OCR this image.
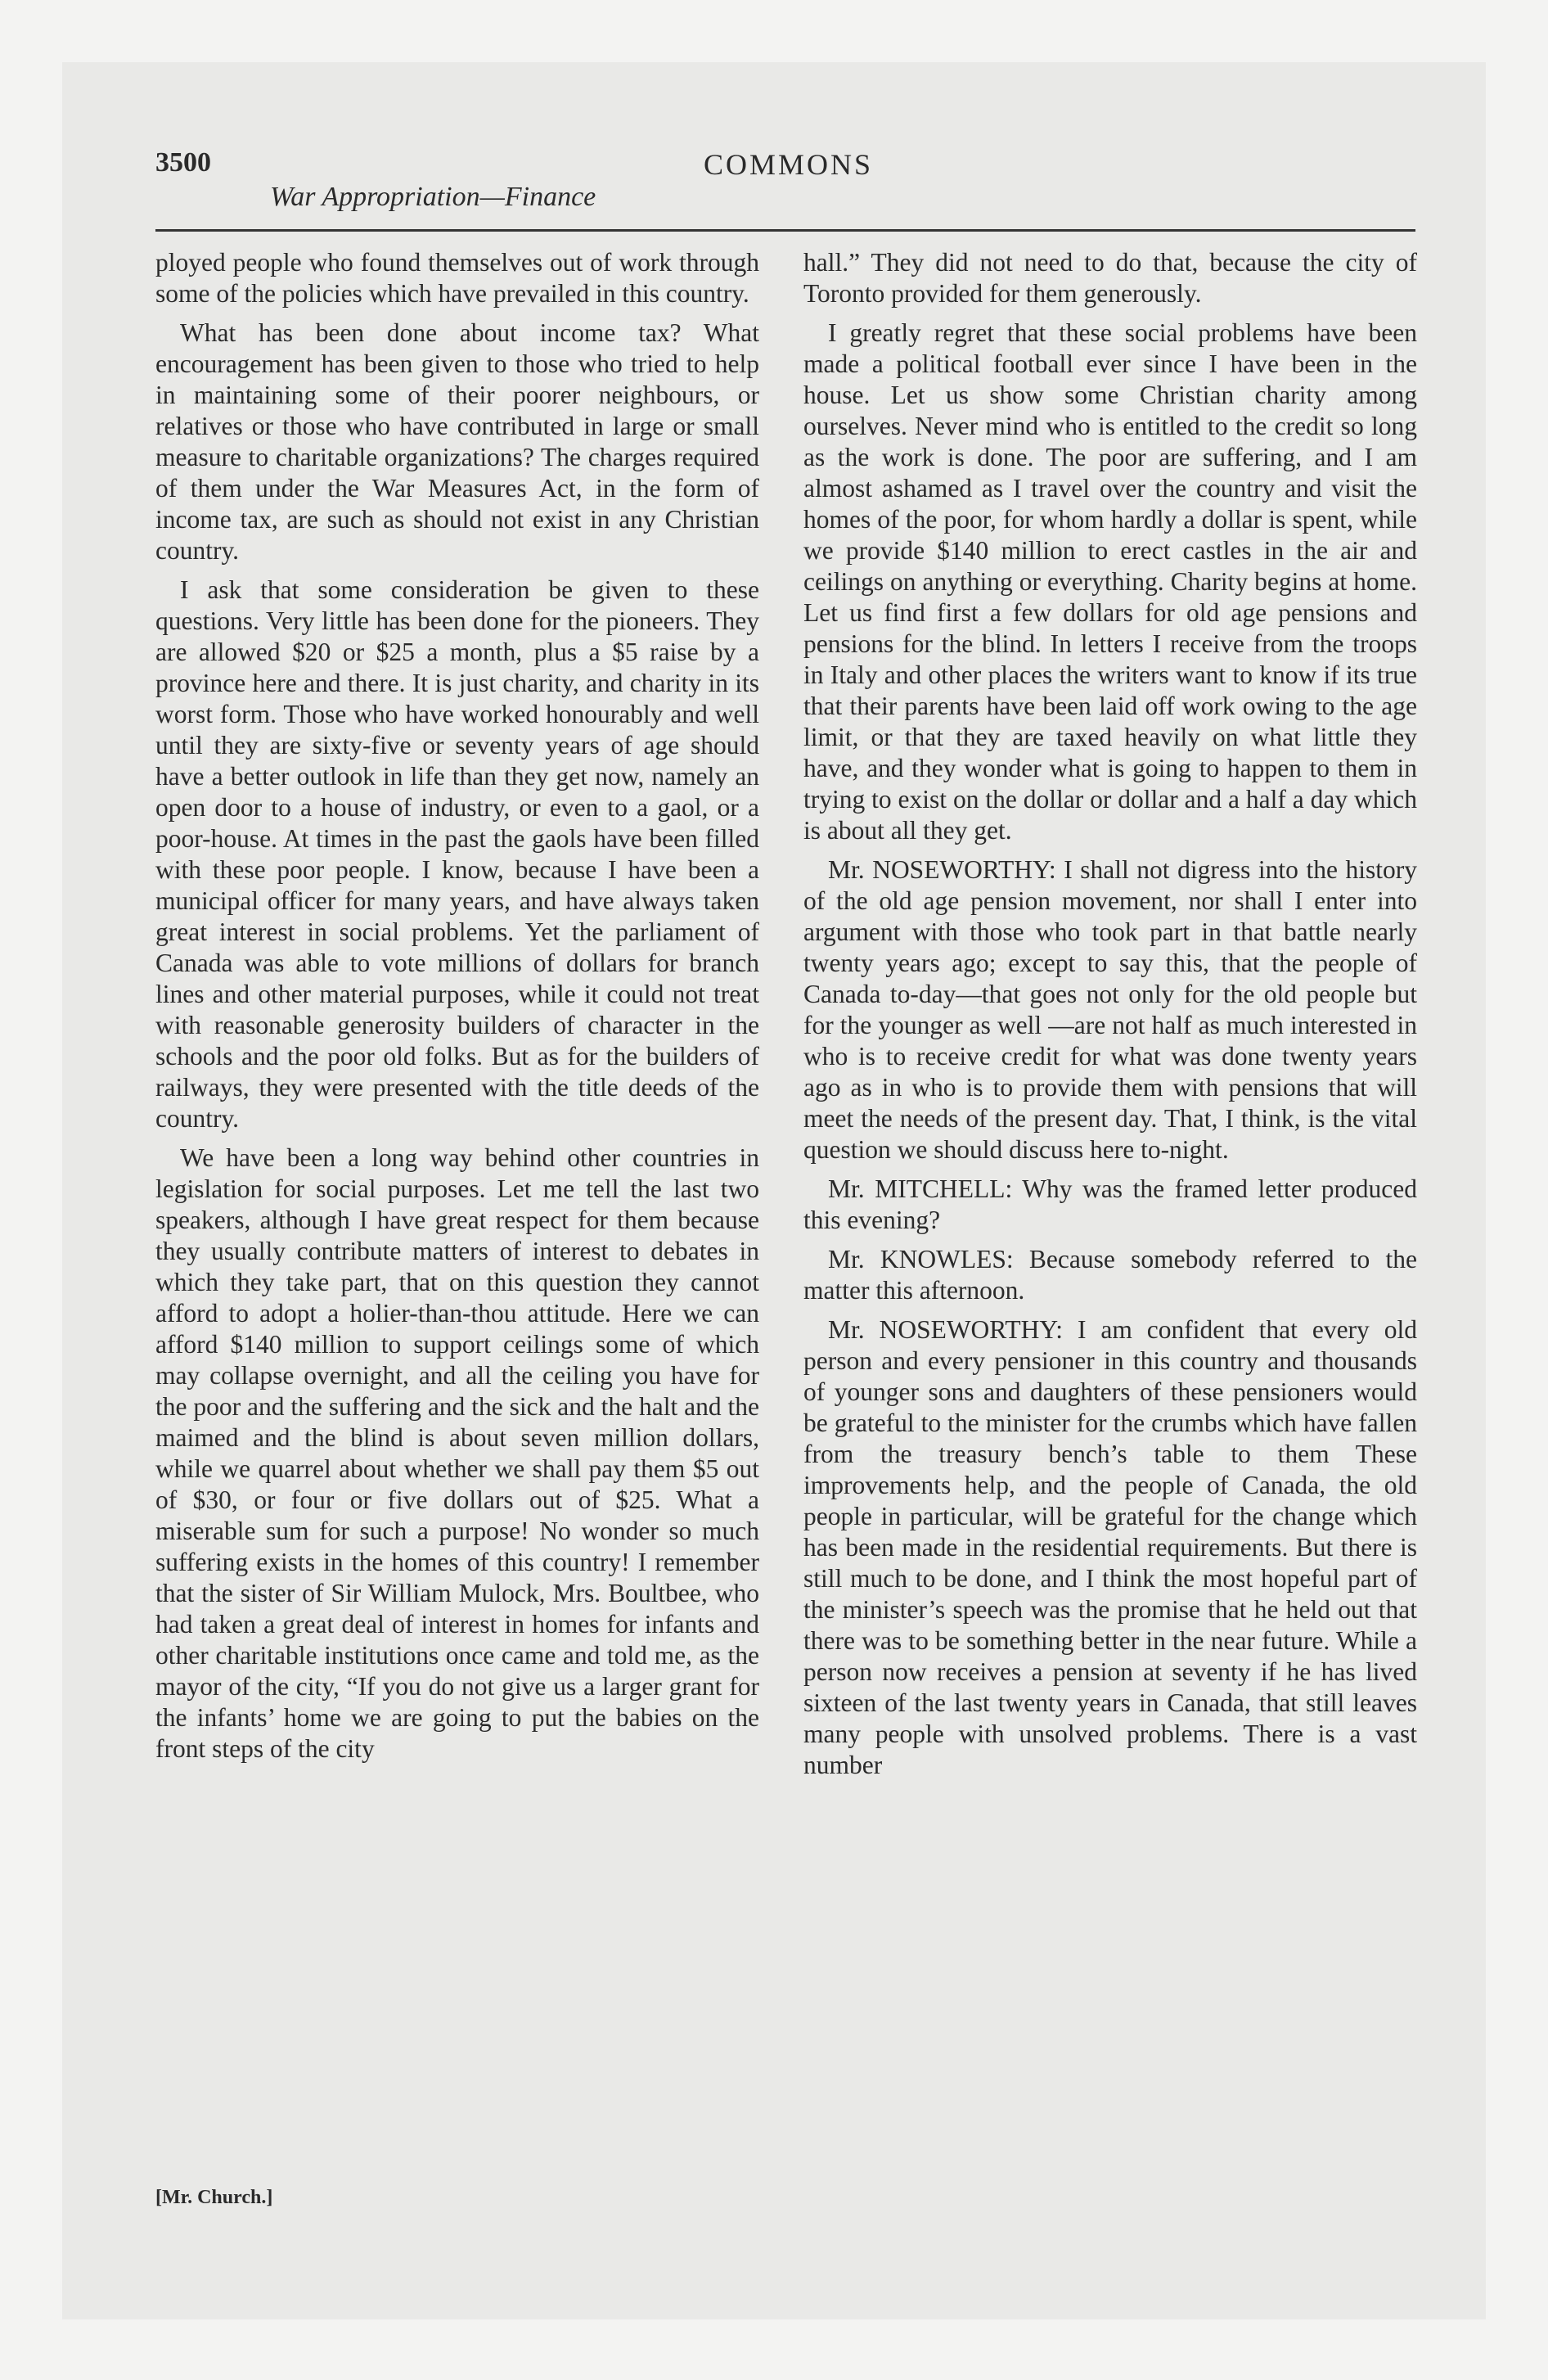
3500	COMMONS
War Appropriation—Finance

ployed people who found themselves out of work through some of the policies which have prevailed in this country.

What has been done about income tax? What encouragement has been given to those who tried to help in maintaining some of their poorer neighbours, or relatives or those who have contributed in large or small measure to charitable organizations? The charges required of them under the War Measures Act, in the form of income tax, are such as should not exist in any Christian country.

I ask that some consideration be given to these questions. Very little has been done for the pioneers. They are allowed $20 or $25 a month, plus a $5 raise by a province here and there. It is just charity, and charity in its worst form. Those who have worked honourably and well until they are sixty-five or seventy years of age should have a better outlook in life than they get now, namely an open door to a house of industry, or even to a gaol, or a poor-house. At times in the past the gaols have been filled with these poor people. I know, because I have been a municipal officer for many years, and have always taken great interest in social problems. Yet the parliament of Canada was able to vote millions of dollars for branch lines and other material purposes, while it could not treat with reasonable generosity builders of character in the schools and the poor old folks. But as for the builders of railways, they were presented with the title deeds of the country.

We have been a long way behind other countries in legislation for social purposes. Let me tell the last two speakers, although I have great respect for them because they usually contribute matters of interest to debates in which they take part, that on this question they cannot afford to adopt a holier-than-thou attitude. Here we can afford $140 million to support ceilings some of which may collapse overnight, and all the ceiling you have for the poor and the suffering and the sick and the halt and the maimed and the blind is about seven million dollars, while we quarrel about whether we shall pay them $5 out of $30, or four or five dollars out of $25. What a miserable sum for such a purpose! No wonder so much suffering exists in the homes of this country! I remember that the sister of Sir William Mulock, Mrs. Boultbee, who had taken a great deal of interest in homes for infants and other charitable institutions once came and told me, as the mayor of the city, “If you do not give us a larger grant for the infants’ home we are going to put the babies on the front steps of the city

hall.” They did not need to do that, because the city of Toronto provided for them generously.

I greatly regret that these social problems have been made a political football ever since I have been in the house. Let us show some Christian charity among ourselves. Never mind who is entitled to the credit so long as the work is done. The poor are suffering, and I am almost ashamed as I travel over the country and visit the homes of the poor, for whom hardly a dollar is spent, while we provide $140 million to erect castles in the air and ceilings on anything or everything. Charity begins at home. Let us find first a few dollars for old age pensions and pensions for the blind. In letters I receive from the troops in Italy and other places the writers want to know if its true that their parents have been laid off work owing to the age limit, or that they are taxed heavily on what little they have, and they wonder what is going to happen to them in trying to exist on the dollar or dollar and a half a day which is about all they get.

Mr. NOSEWORTHY: I shall not digress into the history of the old age pension movement, nor shall I enter into argument with those who took part in that battle nearly twenty years ago; except to say this, that the people of Canada to-day—that goes not only for the old people but for the younger as well —are not half as much interested in who is to receive credit for what was done twenty years ago as in who is to provide them with pensions that will meet the needs of the present day. That, I think, is the vital question we should discuss here to-night.

Mr. MITCHELL: Why was the framed letter produced this evening?

Mr. KNOWLES: Because somebody referred to the matter this afternoon.

Mr. NOSEWORTHY: I am confident that every old person and every pensioner in this country and thousands of younger sons and daughters of these pensioners would be grateful to the minister for the crumbs which have fallen from the treasury bench’s table to them These improvements help, and the people of Canada, the old people in particular, will be grateful for the change which has been made in the residential requirements. But there is still much to be done, and I think the most hopeful part of the minister’s speech was the promise that he held out that there was to be something better in the near future. While a person now receives a pension at seventy if he has lived sixteen of the last twenty years in Canada, that still leaves many people with unsolved problems. There is a vast number

[Mr. Church.]
